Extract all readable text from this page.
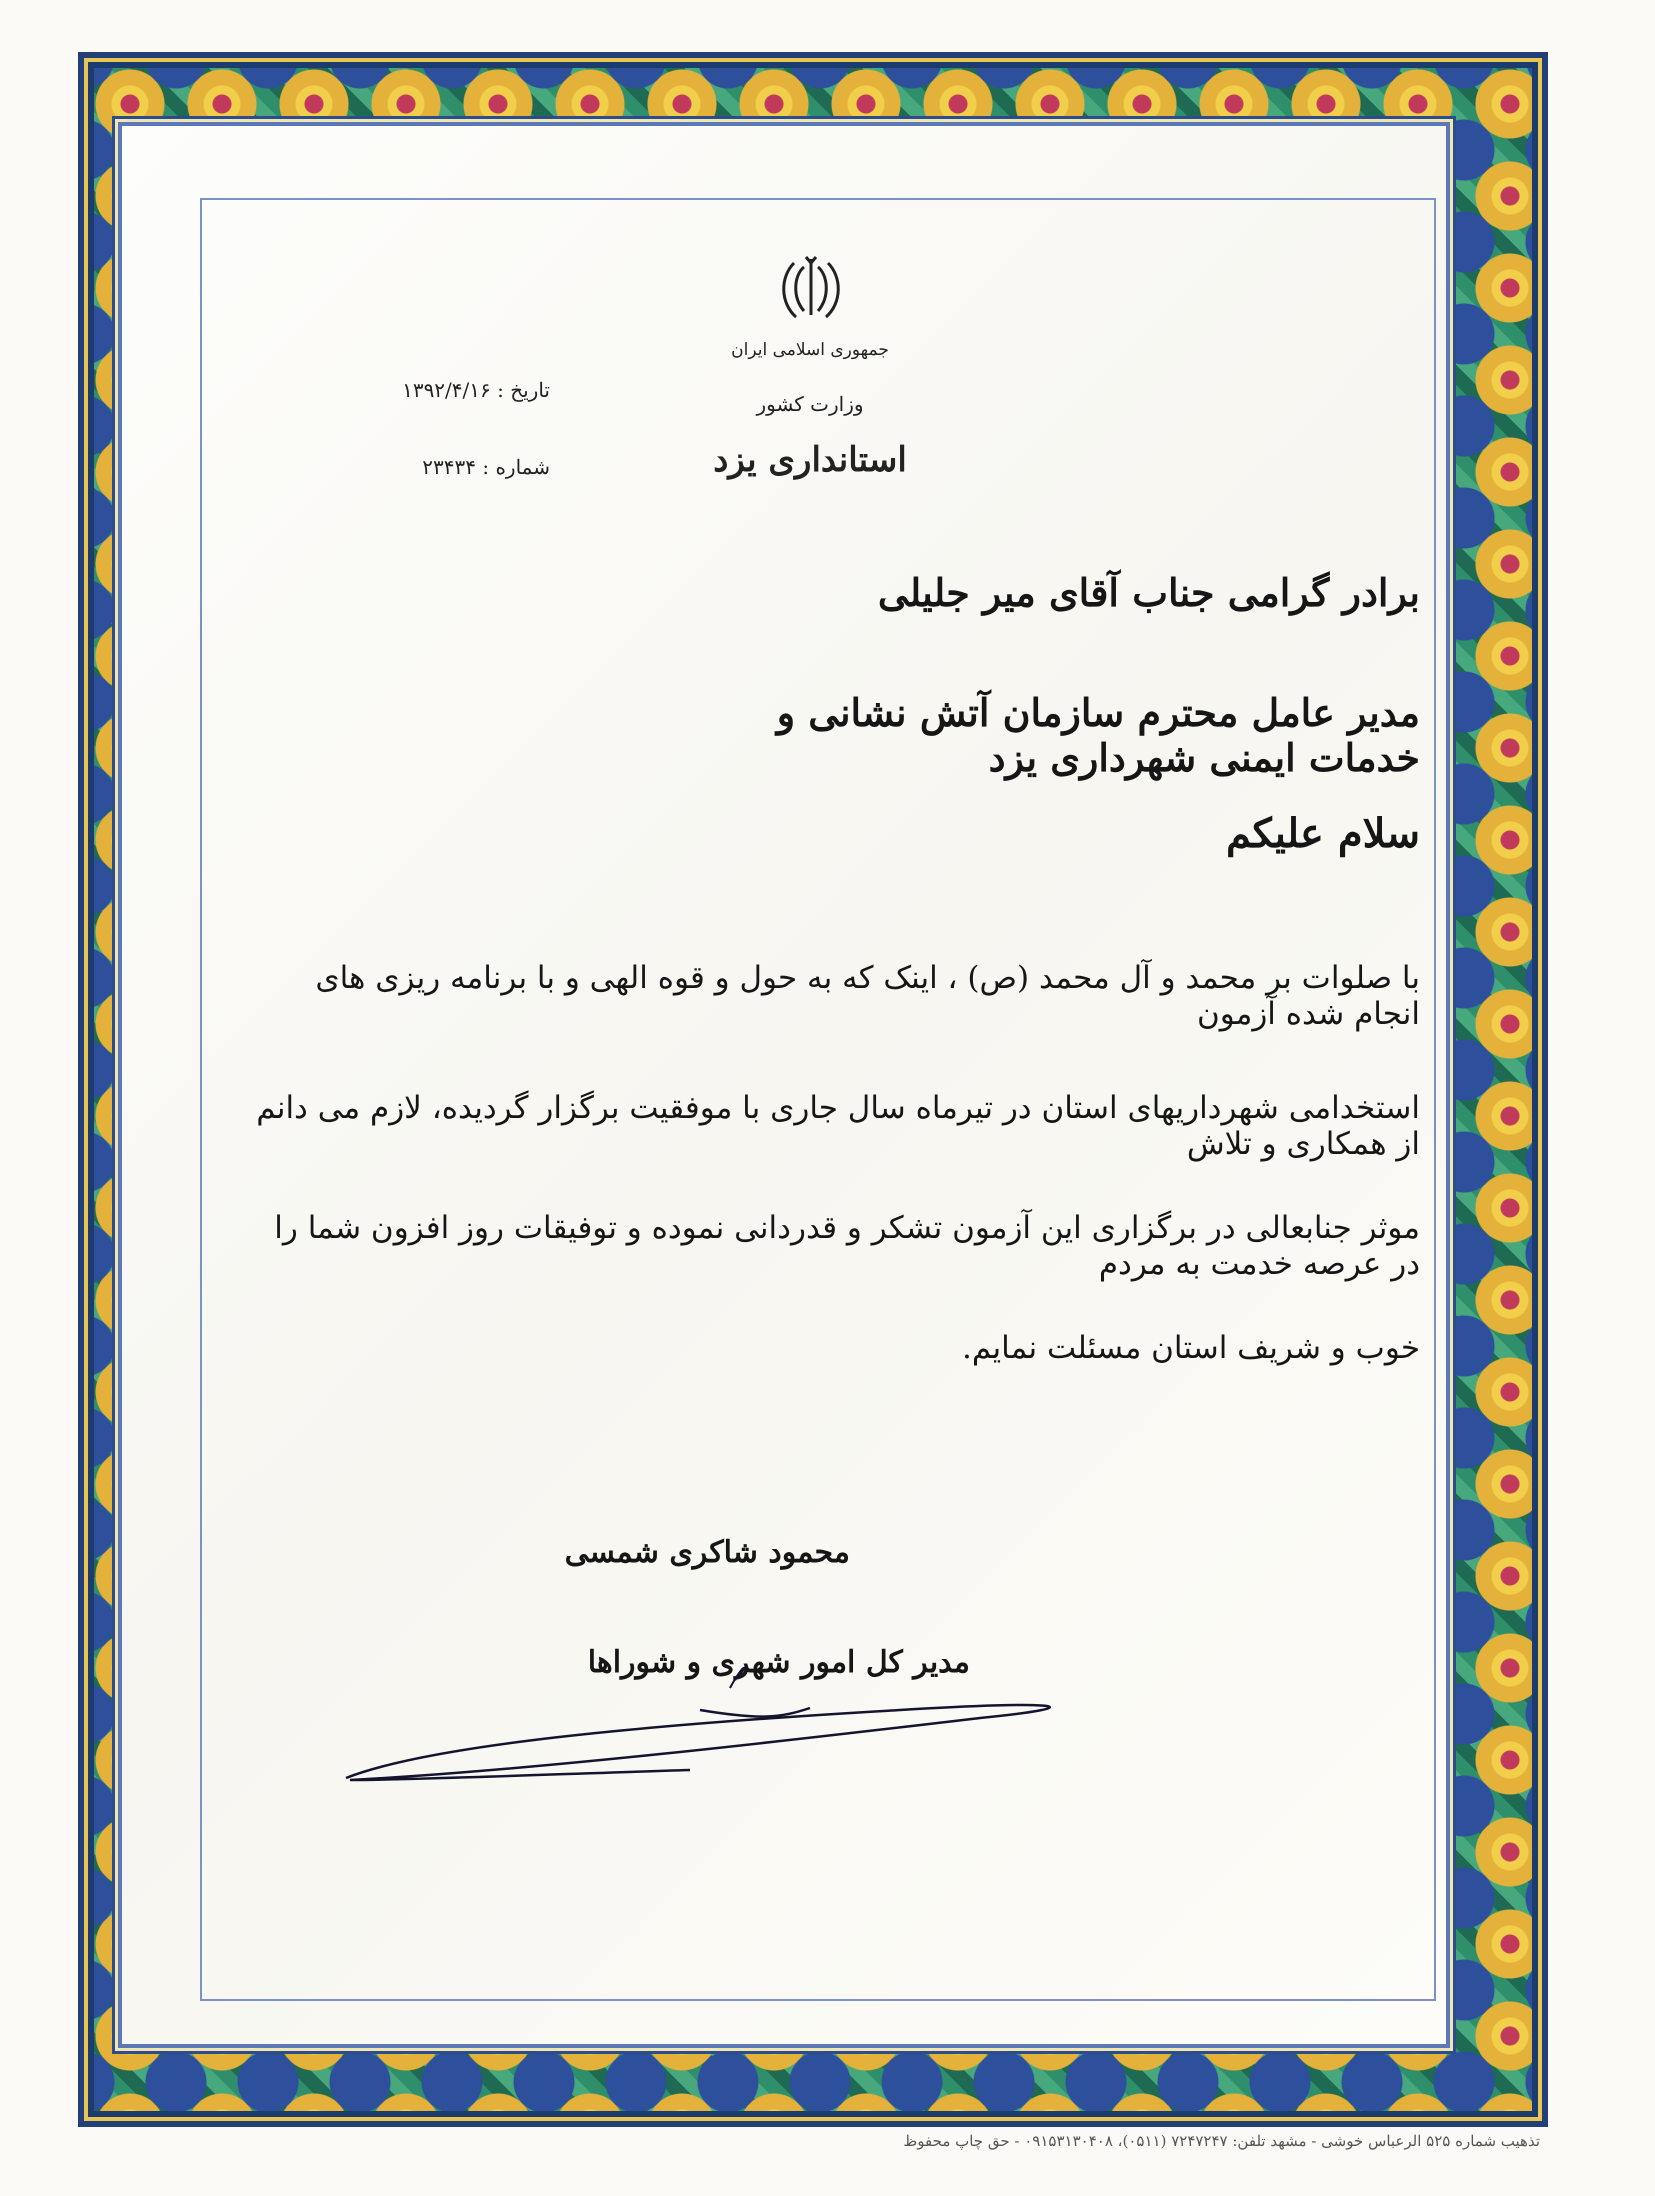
جمهوری اسلامی ایران
وزارت کشور
استانداری یزد
تاریخ : ۱۳۹۲/۴/۱۶
شماره : ۲۳۴۳۴
برادر گرامی جناب آقای میر جلیلی
مدیر عامل محترم سازمان آتش نشانی و خدمات ایمنی شهرداری یزد
سلام علیکم
با صلوات بر محمد و آل محمد (ص) ، اینک که به حول و قوه الهی و با برنامه ریزی های انجام شده آزمون
استخدامی شهرداریهای استان در تیرماه سال جاری با موفقیت برگزار گردیده، لازم می دانم از همکاری و تلاش
موثر جنابعالی در برگزاری این آزمون تشکر و قدردانی نموده و توفیقات روز افزون شما را در عرصه خدمت به مردم
خوب و شریف استان مسئلت نمایم.
محمود شاکری شمسی
مدیر کل امور شهری و شوراها
تذهیب شماره ۵۲۵ الرعباس خوشی - مشهد تلفن: ۷۲۴۷۲۴۷ (۰۵۱۱)، ۰۹۱۵۳۱۳۰۴۰۸ - حق چاپ محفوظ
